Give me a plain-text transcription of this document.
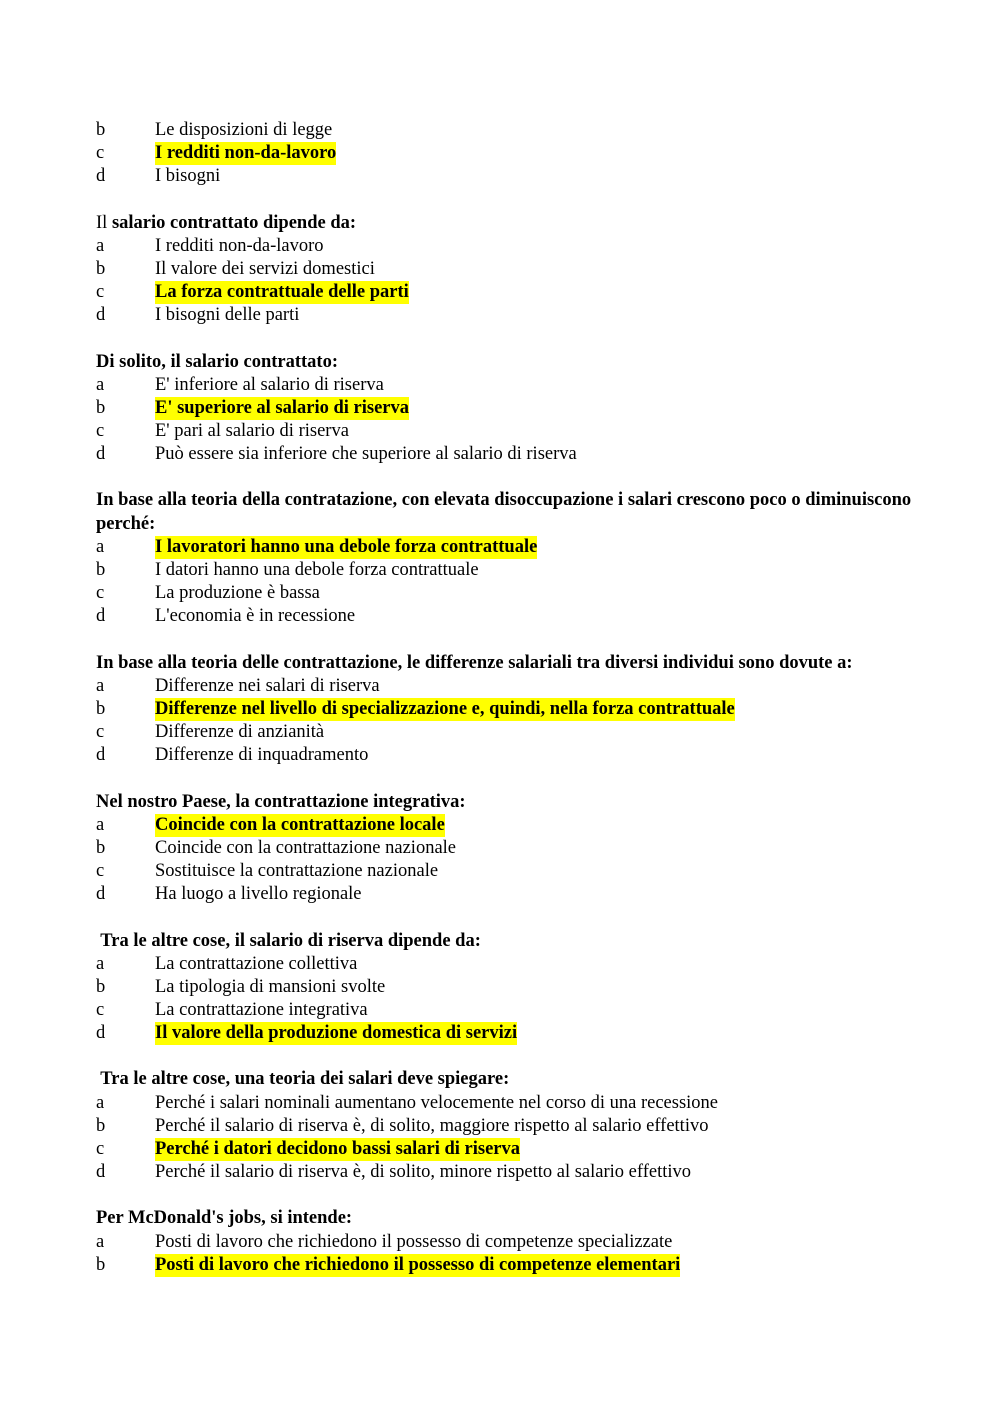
b	Le disposizioni di legge
c	I redditi non-da-lavoro
d	I bisogni

Il salario contrattato dipende da:

a	I redditi non-da-lavoro
b	Il valore dei servizi domestici
c	La forza contrattuale delle parti
d	I bisogni delle parti

Di solito, il salario contrattato:

a	E' inferiore al salario di riserva
b	E' superiore al salario di riserva
c	E' pari al salario di riserva
d	Può essere sia inferiore che superiore al salario di riserva

In base alla teoria della contratazione, con elevata disoccupazione i salari crescono poco o diminuiscono perché:

a	I lavoratori hanno una debole forza contrattuale
b	I datori hanno una debole forza contrattuale
c	La produzione è bassa
d	L'economia è in recessione

In base alla teoria delle contrattazione, le differenze salariali tra diversi individui sono dovute a:

a	Differenze nei salari di riserva
b	Differenze nel livello di specializzazione e, quindi, nella forza contrattuale
c	Differenze di anzianità
d	Differenze di inquadramento

Nel nostro Paese, la contrattazione integrativa:

a	Coincide con la contrattazione locale
b	Coincide con la contrattazione nazionale
c	Sostituisce la contrattazione nazionale
d	Ha luogo a livello regionale

Tra le altre cose, il salario di riserva dipende da:

a	La contrattazione collettiva
b	La tipologia di mansioni svolte
c	La contrattazione integrativa
d	Il valore della produzione domestica di servizi

Tra le altre cose, una teoria dei salari deve spiegare:

a	Perché i salari nominali aumentano velocemente nel corso di una recessione
b	Perché il salario di riserva è, di solito, maggiore rispetto al salario effettivo
c	Perché i datori decidono bassi salari di riserva
d	Perché il salario di riserva è, di solito, minore rispetto al salario effettivo

Per McDonald's jobs, si intende:

a	Posti di lavoro che richiedono il possesso di competenze specializzate
b	Posti di lavoro che richiedono il possesso di competenze elementari
